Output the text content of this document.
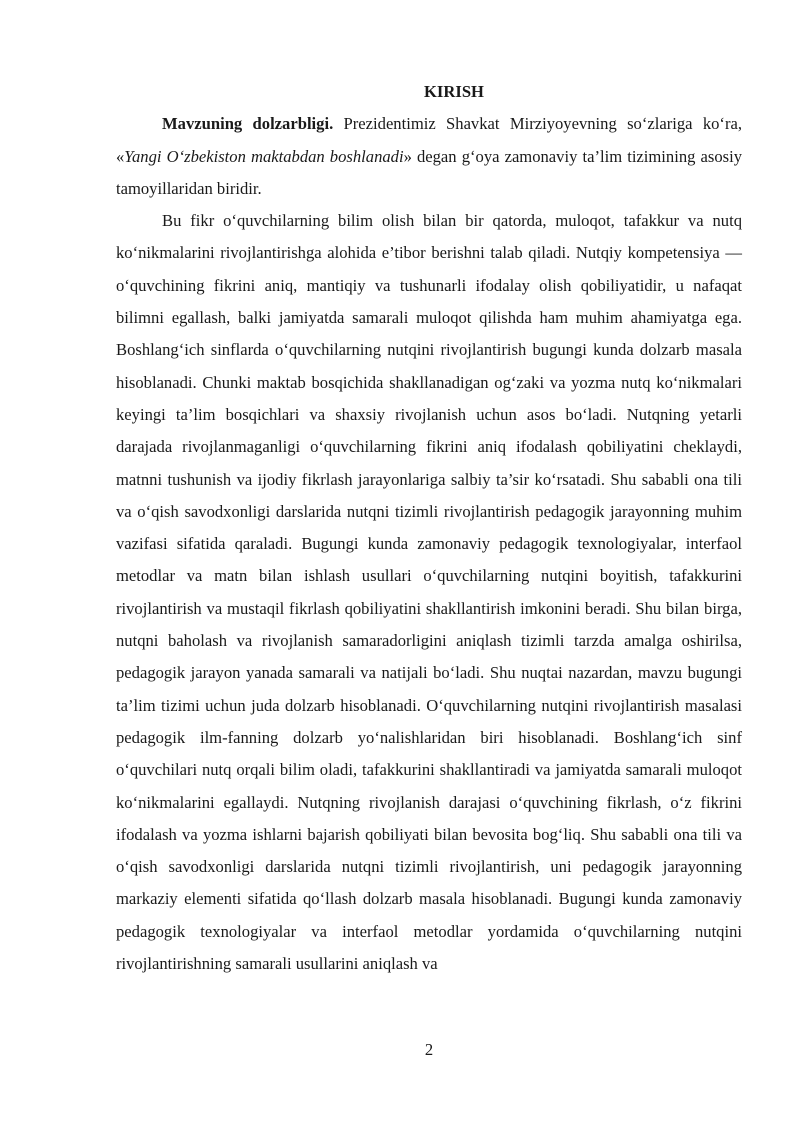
KIRISH

Mavzuning dolzarbligi. Prezidentimiz Shavkat Mirziyoyevning so‘zlariga ko‘ra, «Yangi O‘zbekiston maktabdan boshlanadi» degan g‘oya zamonaviy ta’lim tizimining asosiy tamoyillaridan biridir.

Bu fikr o‘quvchilarning bilim olish bilan bir qatorda, muloqot, tafakkur va nutq ko‘nikmalarini rivojlantirishga alohida e’tibor berishni talab qiladi. Nutqiy kompetensiya — o‘quvchining fikrini aniq, mantiqiy va tushunarli ifodalay olish qobiliyatidir, u nafaqat bilimni egallash, balki jamiyatda samarali muloqot qilishda ham muhim ahamiyatga ega. Boshlang‘ich sinflarda o‘quvchilarning nutqini rivojlantirish bugungi kunda dolzarb masala hisoblanadi. Chunki maktab bosqichida shakllanadigan og‘zaki va yozma nutq ko‘nikmalari keyingi ta’lim bosqichlari va shaxsiy rivojlanish uchun asos bo‘ladi. Nutqning yetarli darajada rivojlanmaganligi o‘quvchilarning fikrini aniq ifodalash qobiliyatini cheklaydi, matnni tushunish va ijodiy fikrlash jarayonlariga salbiy ta’sir ko‘rsatadi. Shu sababli ona tili va o‘qish savodxonligi darslarida nutqni tizimli rivojlantirish pedagogik jarayonning muhim vazifasi sifatida qaraladi. Bugungi kunda zamonaviy pedagogik texnologiyalar, interfaol metodlar va matn bilan ishlash usullari o‘quvchilarning nutqini boyitish, tafakkurini rivojlantirish va mustaqil fikrlash qobiliyatini shakllantirish imkonini beradi. Shu bilan birga, nutqni baholash va rivojlanish samaradorligini aniqlash tizimli tarzda amalga oshirilsa, pedagogik jarayon yanada samarali va natijali bo‘ladi. Shu nuqtai nazardan, mavzu bugungi ta’lim tizimi uchun juda dolzarb hisoblanadi. O‘quvchilarning nutqini rivojlantirish masalasi pedagogik ilm-fanning dolzarb yo‘nalishlaridan biri hisoblanadi. Boshlang‘ich sinf o‘quvchilari nutq orqali bilim oladi, tafakkurini shakllantiradi va jamiyatda samarali muloqot ko‘nikmalarini egallaydi. Nutqning rivojlanish darajasi o‘quvchining fikrlash, o‘z fikrini ifodalash va yozma ishlarni bajarish qobiliyati bilan bevosita bog‘liq. Shu sababli ona tili va o‘qish savodxonligi darslarida nutqni tizimli rivojlantirish, uni pedagogik jarayonning markaziy elementi sifatida qo‘llash dolzarb masala hisoblanadi. Bugungi kunda zamonaviy pedagogik texnologiyalar va interfaol metodlar yordamida o‘quvchilarning nutqini rivojlantirishning samarali usullarini aniqlash va

2
